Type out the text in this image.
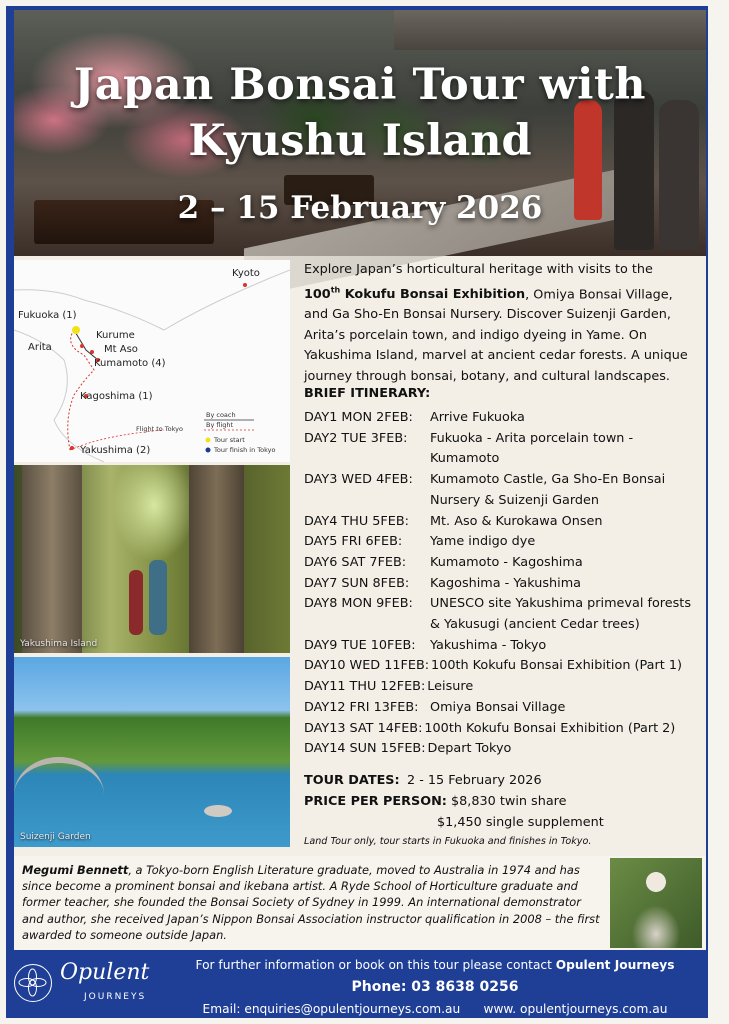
Japan Bonsai Tour with
Kyushu Island
2 – 15 February 2026
Kyoto
Fukuoka (1)
Arita
Kurume
Mt Aso
Kumamoto (4)
Kagoshima (1)
Yakushima (2)
Flight to Tokyo
By coach
By flight
Tour start
Tour finish in Tokyo
Yakushima Island
Suizenji Garden
Explore Japan’s horticultural heritage with visits to the
100th Kokufu Bonsai Exhibition, Omiya Bonsai Village, and Ga Sho-En Bonsai Nursery. Discover Suizenji Garden, Arita’s porcelain town, and indigo dyeing in Yame. On Yakushima Island, marvel at ancient cedar forests. A unique journey through bonsai, botany, and cultural landscapes.
BRIEF ITINERARY:
DAY1 MON 2FEB:	Arrive Fukuoka
DAY2 TUE 3FEB:	Fukuoka - Arita porcelain town - Kumamoto
DAY3 WED 4FEB:	Kumamoto Castle, Ga Sho-En Bonsai Nursery & Suizenji Garden
DAY4 THU 5FEB:	Mt. Aso & Kurokawa Onsen
DAY5 FRI 6FEB:	Yame indigo dye
DAY6 SAT 7FEB:	Kumamoto - Kagoshima
DAY7 SUN 8FEB:	Kagoshima - Yakushima
DAY8 MON 9FEB:	UNESCO site Yakushima primeval forests & Yakusugi (ancient Cedar trees)
DAY9 TUE 10FEB:	Yakushima - Tokyo
DAY10 WED 11FEB: 100th Kokufu Bonsai Exhibition (Part 1)
DAY11 THU 12FEB: Leisure
DAY12 FRI 13FEB: Omiya Bonsai Village
DAY13 SAT 14FEB: 100th Kokufu Bonsai Exhibition (Part 2)
DAY14 SUN 15FEB: Depart Tokyo
TOUR DATES: 2 - 15 February 2026
PRICE PER PERSON: $8,830 twin share
$1,450 single supplement
Land Tour only, tour starts in Fukuoka and finishes in Tokyo.
Megumi Bennett, a Tokyo-born English Literature graduate, moved to Australia in 1974 and has since become a prominent bonsai and ikebana artist. A Ryde School of Horticulture graduate and former teacher, she founded the Bonsai Society of Sydney in 1999. An international demonstrator and author, she received Japan’s Nippon Bonsai Association instructor qualification in 2008 – the first awarded to someone outside Japan.
Opulent
JOURNEYS
For further information or book on this tour please contact Opulent Journeys
Phone: 03 8638 0256
Email: enquiries@opulentjourneys.com.au www. opulentjourneys.com.au
